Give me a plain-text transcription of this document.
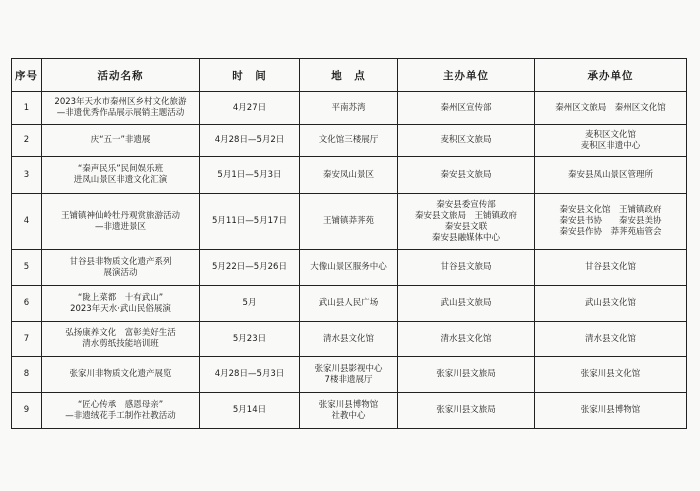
序号	活动名称	时　间	地　点	主办单位	承办单位

1	2023年天水市秦州区乡村文化旅游
—非遗优秀作品展示展销主题活动	4月27日	平南苏湾	秦州区宣传部	秦州区文旅局　秦州区文化馆

2	庆“五一”非遗展	4月28日—5月2日	文化馆三楼展厅	麦积区文旅局	麦积区文化馆
麦积区非遗中心

3	“秦声民乐”民间娱乐班
进凤山景区非遗文化汇演	5月1日—5月3日	秦安凤山景区	秦安县文旅局	秦安县凤山景区管理所

4	王铺镇神仙岭牡丹观赏旅游活动
—非遗进景区	5月11日—5月17日	王铺镇莽荠苑	秦安县委宣传部
秦安县文旅局　王铺镇政府
秦安县文联
秦安县融媒体中心	秦安县文化馆　王铺镇政府
秦安县书协　　秦安县美协
秦安县作协　莽荠苑庙管会

5	甘谷县非物质文化遗产系列
展演活动	5月22日—5月26日	大像山景区服务中心	甘谷县文旅局	甘谷县文化馆

6	“陇上菜都　十有武山”
2023年天水·武山民俗展演	5月	武山县人民广场	武山县文旅局	武山县文化馆

7	弘扬康养文化　富彰美好生活
清水剪纸技能培训班	5月23日	清水县文化馆	清水县文化馆	清水县文化馆

8	张家川非物质文化遗产展览	4月28日—5月3日	张家川县影视中心
7楼非遗展厅	张家川县文旅局	张家川县文化馆

9	“匠心传承　感恩母亲”
—非遗绒花手工制作社教活动	5月14日	张家川县博物馆
社教中心	张家川县文旅局	张家川县博物馆
